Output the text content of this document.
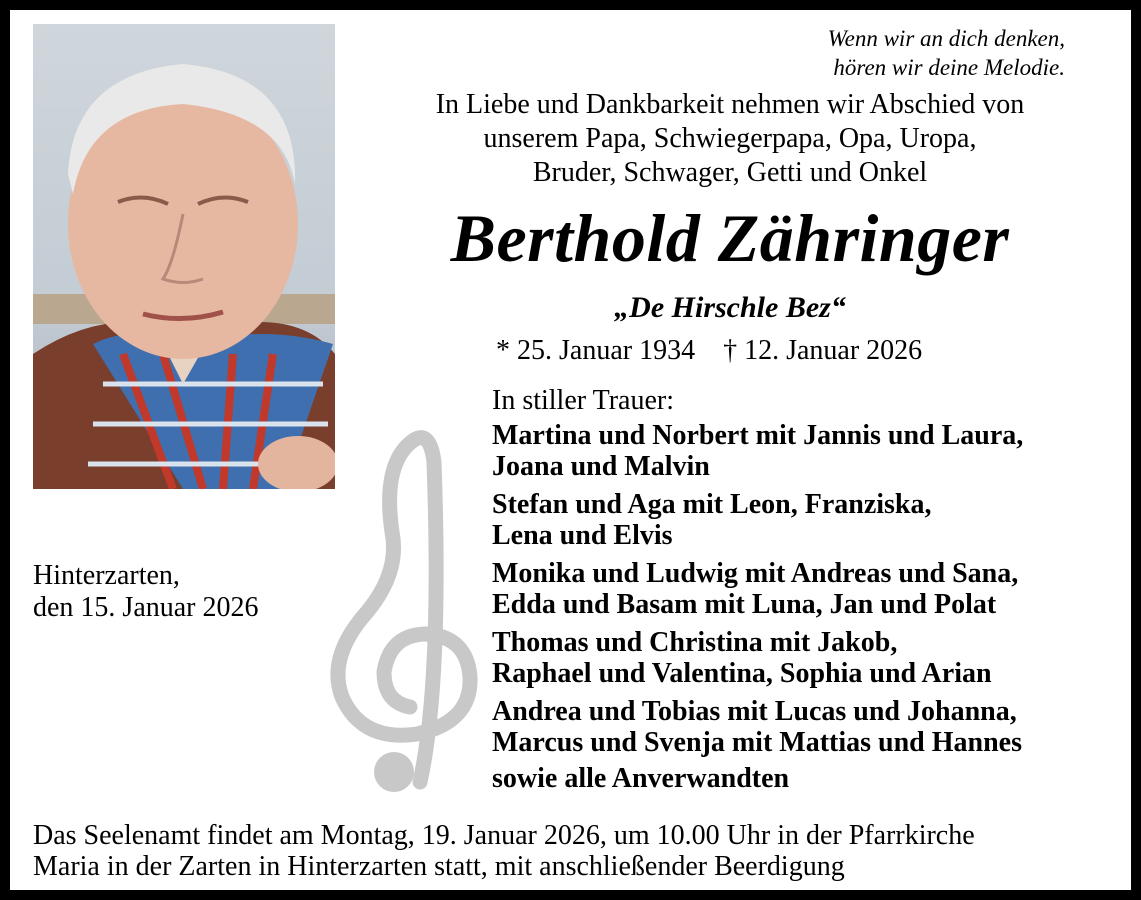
Wenn wir an dich denken,
hören wir deine Melodie.
In Liebe und Dankbarkeit nehmen wir Abschied von
unserem Papa, Schwiegerpapa, Opa, Uropa,
Bruder, Schwager, Getti und Onkel
Berthold Zähringer
„De Hirschle Bez“
* 25. Januar 1934 † 12. Januar 2026
Hinterzarten,
den 15. Januar 2026
In stiller Trauer:
Martina und Norbert mit Jannis und Laura,
Joana und Malvin
Stefan und Aga mit Leon, Franziska,
Lena und Elvis
Monika und Ludwig mit Andreas und Sana,
Edda und Basam mit Luna, Jan und Polat
Thomas und Christina mit Jakob,
Raphael und Valentina, Sophia und Arian
Andrea und Tobias mit Lucas und Johanna,
Marcus und Svenja mit Mattias und Hannes
sowie alle Anverwandten
Das Seelenamt findet am Montag, 19. Januar 2026, um 10.00 Uhr in der Pfarrkirche
Maria in der Zarten in Hinterzarten statt, mit anschließender Beerdigung
